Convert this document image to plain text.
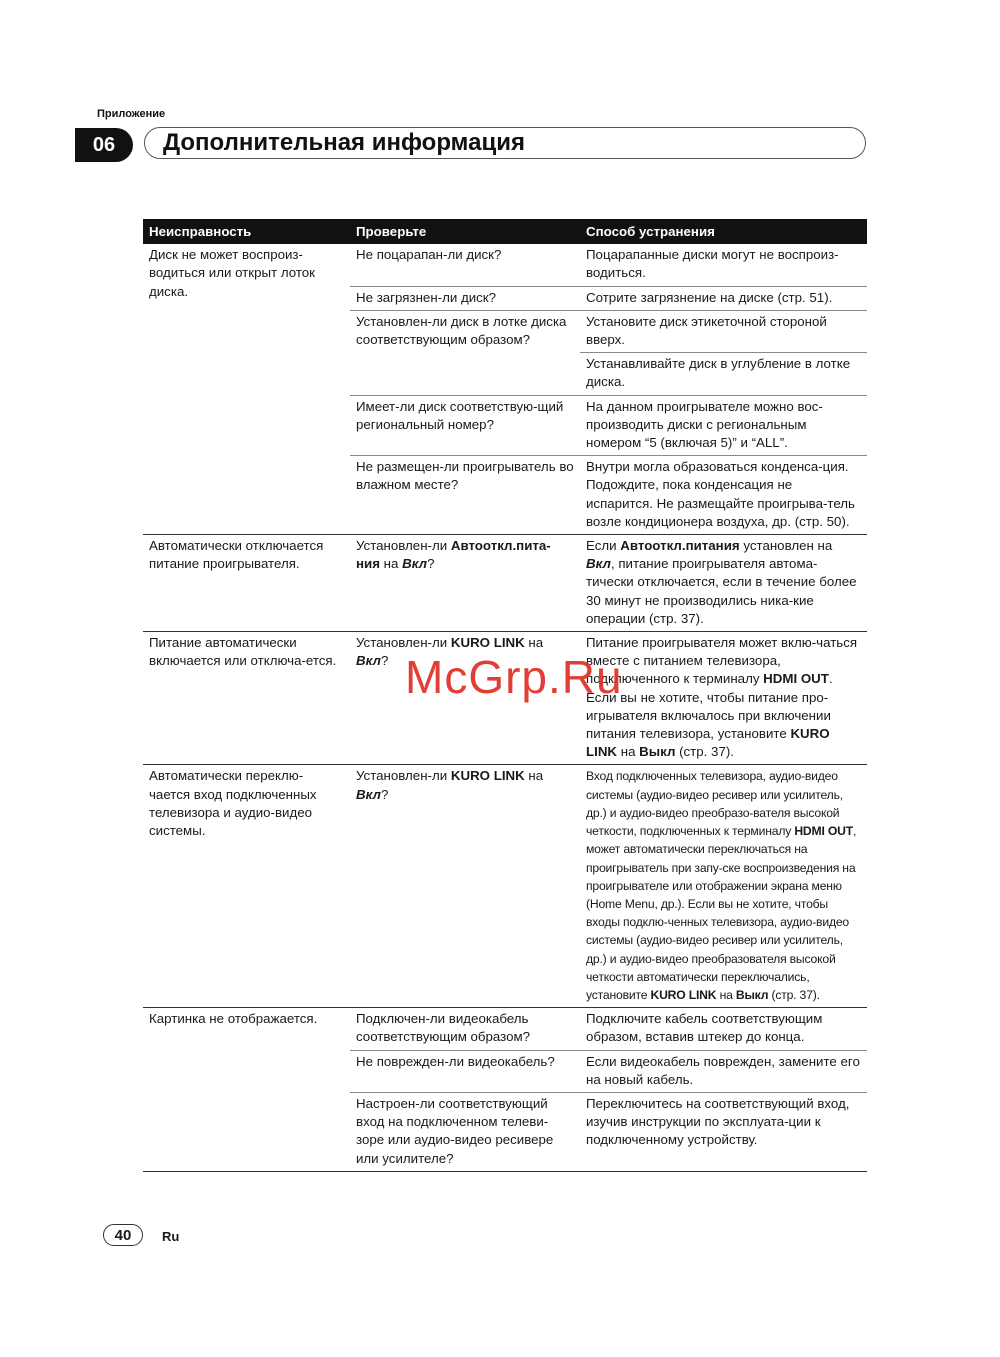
Приложение
06	Дополнительная информация
Неисправность	Проверьте	Способ устранения
Диск не может воспроиз-водиться или открыт лоток диска.	Не поцарапан-ли диск?	Поцарапанные диски могут не воспроиз-водиться.
	Не загрязнен-ли диск?	Сотрите загрязнение на диске (стр. 51).
	Установлен-ли диск в лотке диска соответствующим образом?	Установите диск этикеточной стороной вверх.
		Устанавливайте диск в углубление в лотке диска.
	Имеет-ли диск соответствую-щий региональный номер?	На данном проигрывателе можно вос-производить диски с региональным номером “5 (включая 5)” и “ALL”.
	Не размещен-ли проигрыватель во влажном месте?	Внутри могла образоваться конденса-ция. Подождите, пока конденсация не испарится. Не размещайте проигрыва-тель возле кондиционера воздуха, др. (стр. 50).
Автоматически отключается питание проигрывателя.	Установлен-ли Автооткл.пита-ния на Вкл?	Если Автооткл.питания установлен на Вкл, питание проигрывателя автома-тически отключается, если в течение более 30 минут не производились ника-кие операции (стр. 37).
Питание автоматически включается или отключа-ется.	Установлен-ли KURO LINK на Вкл?	Питание проигрывателя может вклю-чаться вместе с питанием телевизора, подключенного к терминалу HDMI OUT. Если вы не хотите, чтобы питание про-игрывателя включалось при включении питания телевизора, установите KURO LINK на Выкл (стр. 37).
Автоматически переклю-чается вход подключенных телевизора и аудио-видео системы.	Установлен-ли KURO LINK на Вкл?	Вход подключенных телевизора, аудио-видео системы (аудио-видео ресивер или усилитель, др.) и аудио-видео преобразо-вателя высокой четкости, подключенных к терминалу HDMI OUT, может автоматически переключаться на проигрыватель при запу-ске воспроизведения на проигрывателе или отображении экрана меню (Home Menu, др.). Если вы не хотите, чтобы входы подклю-ченных телевизора, аудио-видео системы (аудио-видео ресивер или усилитель, др.) и аудио-видео преобразователя высокой четкости автоматически переключались, установите KURO LINK на Выкл (стр. 37).
Картинка не отображается.	Подключен-ли видеокабель соответствующим образом?	Подключите кабель соответствующим образом, вставив штекер до конца.
	Не поврежден-ли видеокабель?	Если видеокабель поврежден, замените его на новый кабель.
	Настроен-ли соответствующий вход на подключенном телеви-зоре или аудио-видео ресивере или усилителе?	Переключитесь на соответствующий вход, изучив инструкции по эксплуата-ции к подключенному устройству.
McGrp.Ru
40	Ru
